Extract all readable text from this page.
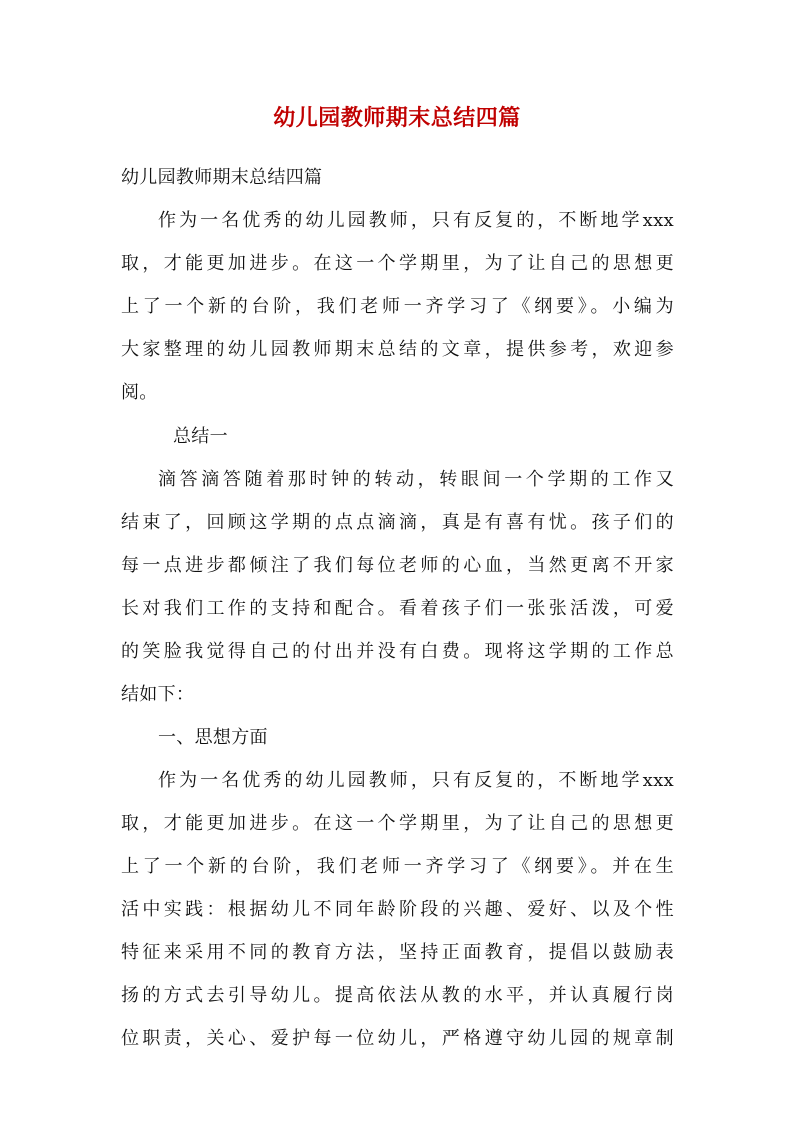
幼儿园教师期末总结四篇
幼儿园教师期末总结四篇
作为一名优秀的幼儿园教师，只有反复的，不断地学xxx
取，才能更加进步。在这一个学期里，为了让自己的思想更
上了一个新的台阶，我们老师一齐学习了《纲要》。小编为
大家整理的幼儿园教师期末总结的文章，提供参考，欢迎参
阅。
总结一
滴答滴答随着那时钟的转动，转眼间一个学期的工作又
结束了，回顾这学期的点点滴滴，真是有喜有忧。孩子们的
每一点进步都倾注了我们每位老师的心血，当然更离不开家
长对我们工作的支持和配合。看着孩子们一张张活泼，可爱
的笑脸我觉得自己的付出并没有白费。现将这学期的工作总
结如下：
一、思想方面
作为一名优秀的幼儿园教师，只有反复的，不断地学xxx
取，才能更加进步。在这一个学期里，为了让自己的思想更
上了一个新的台阶，我们老师一齐学习了《纲要》。并在生
活中实践：根据幼儿不同年龄阶段的兴趣、爱好、以及个性
特征来采用不同的教育方法，坚持正面教育，提倡以鼓励表
扬的方式去引导幼儿。提高依法从教的水平，并认真履行岗
位职责，关心、爱护每一位幼儿，严格遵守幼儿园的规章制
